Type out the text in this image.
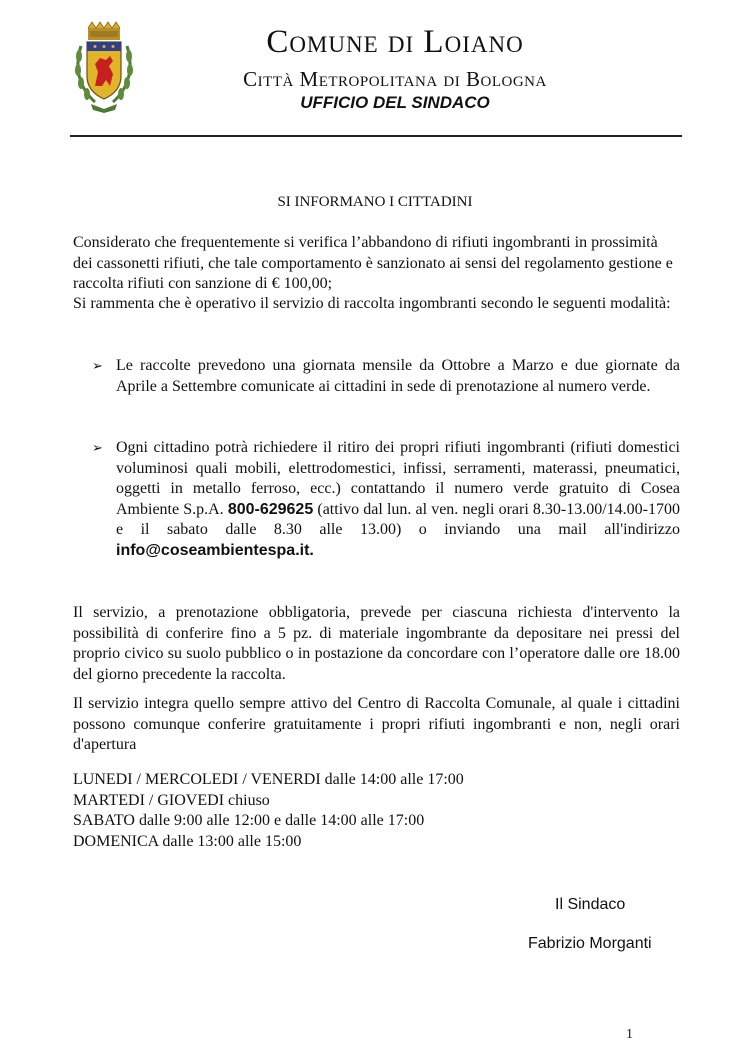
Comune di Loiano
Città Metropolitana di Bologna
UFFICIO DEL SINDACO
SI INFORMANO I CITTADINI
Considerato che frequentemente si verifica l’abbandono di rifiuti ingombranti in prossimità dei cassonetti rifiuti, che tale comportamento è sanzionato ai sensi del regolamento gestione e raccolta rifiuti con sanzione di € 100,00;
Si rammenta che è operativo il servizio di raccolta ingombranti secondo le seguenti modalità:
➢ Le raccolte prevedono una giornata mensile da Ottobre a Marzo e due giornate da Aprile a Settembre comunicate ai cittadini in sede di prenotazione al numero verde.
➢ Ogni cittadino potrà richiedere il ritiro dei propri rifiuti ingombranti (rifiuti domestici voluminosi quali mobili, elettrodomestici, infissi, serramenti, materassi, pneumatici, oggetti in metallo ferroso, ecc.) contattando il numero verde gratuito di Cosea Ambiente S.p.A. 800-629625 (attivo dal lun. al ven. negli orari 8.30-13.00/14.00-1700 e il sabato dalle 8.30 alle 13.00) o inviando una mail all'indirizzo info@coseambientespa.it.
Il servizio, a prenotazione obbligatoria, prevede per ciascuna richiesta d'intervento la possibilità di conferire fino a 5 pz. di materiale ingombrante da depositare nei pressi del proprio civico su suolo pubblico o in postazione da concordare con l’operatore dalle ore 18.00 del giorno precedente la raccolta.
Il servizio integra quello sempre attivo del Centro di Raccolta Comunale, al quale i cittadini possono comunque conferire gratuitamente i propri rifiuti ingombranti e non, negli orari d'apertura
LUNEDI / MERCOLEDI / VENERDI dalle 14:00 alle 17:00
MARTEDI / GIOVEDI chiuso
SABATO dalle 9:00 alle 12:00 e dalle 14:00 alle 17:00
DOMENICA dalle 13:00 alle 15:00
Il Sindaco
Fabrizio Morganti
1
